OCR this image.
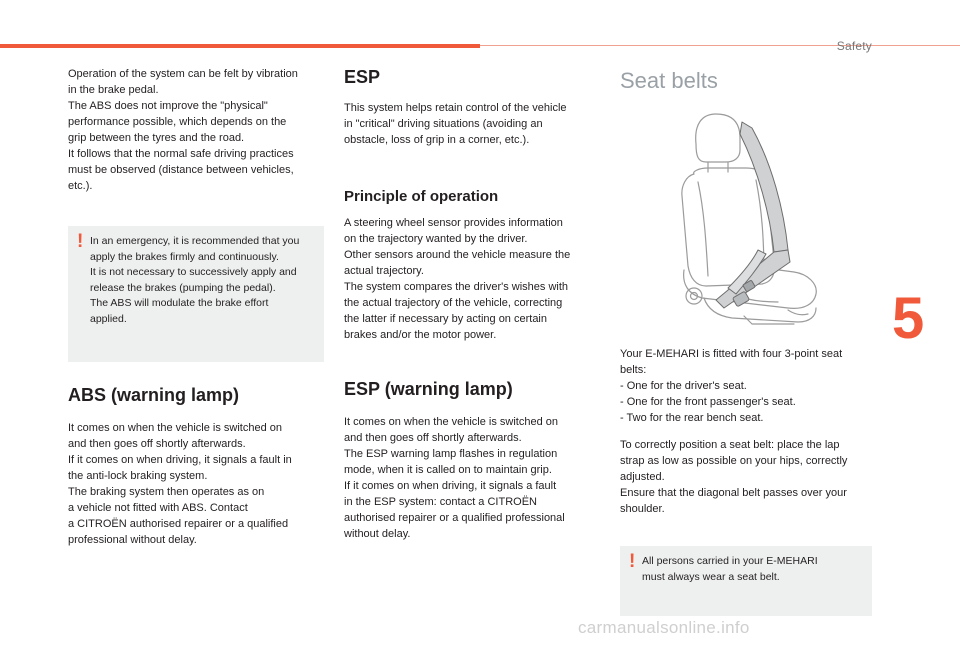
Safety
5
carmanualsonline.info

Operation of the system can be felt by vibration
in the brake pedal.
The ABS does not improve the "physical"
performance possible, which depends on the
grip between the tyres and the road.
It follows that the normal safe driving practices
must be observed (distance between vehicles,
etc.).

! In an emergency, it is recommended that you
apply the brakes firmly and continuously.
It is not necessary to successively apply and
release the brakes (pumping the pedal).
The ABS will modulate the brake effort
applied.

ABS (warning lamp)

It comes on when the vehicle is switched on
and then goes off shortly afterwards.
If it comes on when driving, it signals a fault in
the anti-lock braking system.
The braking system then operates as on
a vehicle not fitted with ABS. Contact
a CITROËN authorised repairer or a qualified
professional without delay.

ESP

This system helps retain control of the vehicle
in "critical" driving situations (avoiding an
obstacle, loss of grip in a corner, etc.).

Principle of operation

A steering wheel sensor provides information
on the trajectory wanted by the driver.
Other sensors around the vehicle measure the
actual trajectory.
The system compares the driver's wishes with
the actual trajectory of the vehicle, correcting
the latter if necessary by acting on certain
brakes and/or the motor power.

ESP (warning lamp)

It comes on when the vehicle is switched on
and then goes off shortly afterwards.
The ESP warning lamp flashes in regulation
mode, when it is called on to maintain grip.
If it comes on when driving, it signals a fault
in the ESP system: contact a CITROËN
authorised repairer or a qualified professional
without delay.

Seat belts

Your E-MEHARI is fitted with four 3-point seat
belts:
- One for the driver's seat.
- One for the front passenger's seat.
- Two for the rear bench seat.

To correctly position a seat belt: place the lap
strap as low as possible on your hips, correctly
adjusted.
Ensure that the diagonal belt passes over your
shoulder.

! All persons carried in your E-MEHARI
must always wear a seat belt.
